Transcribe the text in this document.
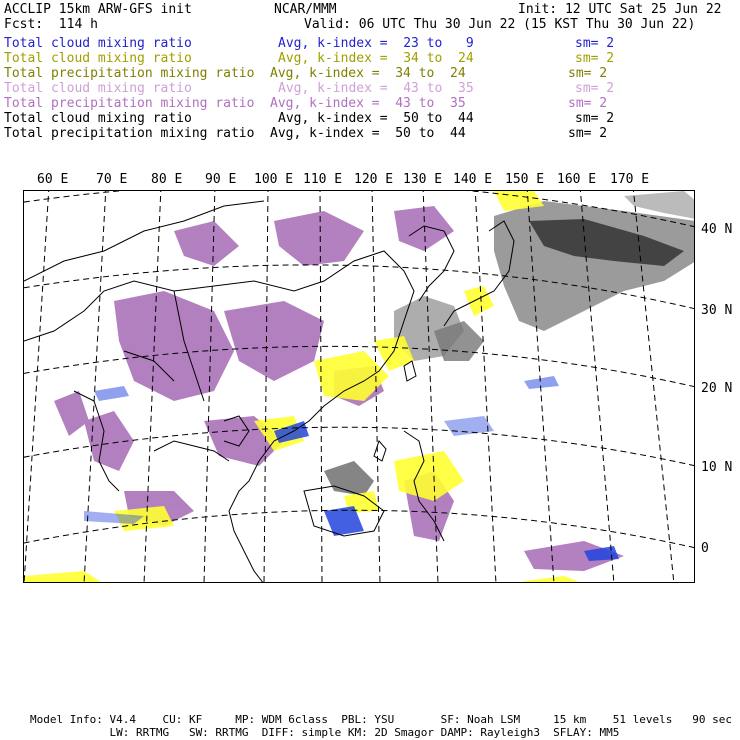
ACCLIP 15km ARW-GFS init	NCAR/MMM	Init: 12 UTC Sat 25 Jun 22
Fcst:  114 h	Valid: 06 UTC Thu 30 Jun 22 (15 KST Thu 30 Jun 22)
Total cloud mixing ratio	Avg, k-index =  23 to   9	sm= 2
Total cloud mixing ratio	Avg, k-index =  34 to  24	sm= 2
Total precipitation mixing ratio Avg, k-index =  34 to  24	sm= 2
Total cloud mixing ratio	Avg, k-index =  43 to  35	sm= 2
Total precipitation mixing ratio Avg, k-index =  43 to  35	sm= 2
Total cloud mixing ratio	Avg, k-index =  50 to  44	sm= 2
Total precipitation mixing ratio Avg, k-index =  50 to  44	sm= 2
60 E 70 E 80 E 90 E 100 E 110 E 120 E 130 E 140 E 150 E 160 E 170 E
40 N
30 N
20 N
10 N
0
Model Info: V4.4    CU: KF     MP: WDM 6class  PBL: YSU       SF: Noah LSM     15 km    51 levels   90 sec
LW: RRTMG   SW: RRTMG  DIFF: simple KM: 2D Smagor DAMP: Rayleigh3  SFLAY: MM5
